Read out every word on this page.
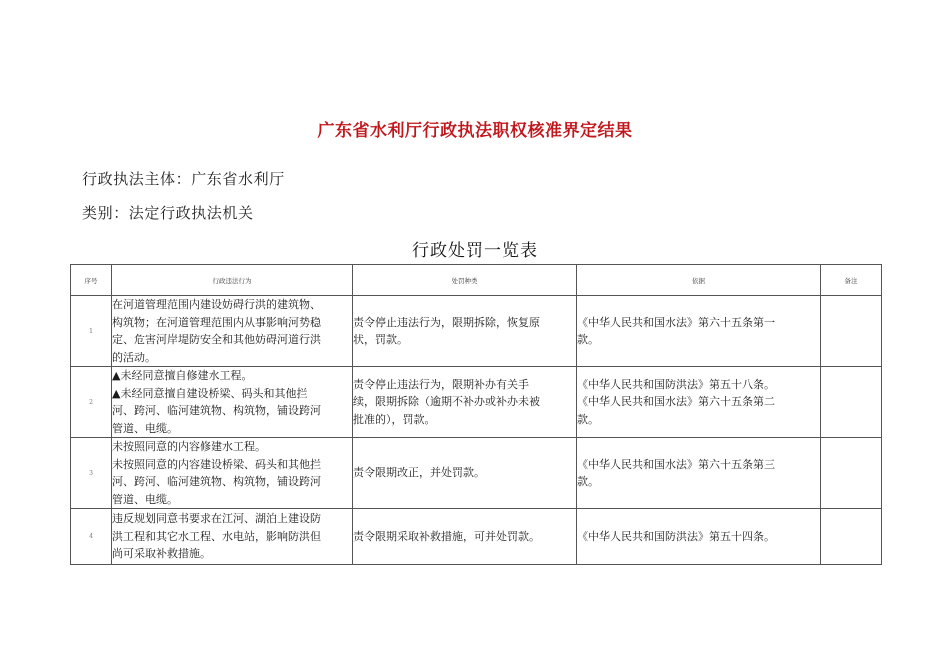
广东省水利厅行政执法职权核准界定结果
行政执法主体：广东省水利厅
类别：法定行政执法机关
行政处罚一览表
序号	行政违法行为	处罚种类	依据	备注
1	在河道管理范围内建设妨碍行洪的建筑物、
构筑物；在河道管理范围内从事影响河势稳
定、危害河岸堤防安全和其他妨碍河道行洪
的活动。	责令停止违法行为，限期拆除，恢复原
状，罚款。	《中华人民共和国水法》第六十五条第一
款。	

2	▲未经同意擅自修建水工程。
▲未经同意擅自建设桥梁、码头和其他拦
河、跨河、临河建筑物、构筑物，铺设跨河
管道、电缆。	责令停止违法行为，限期补办有关手
续，限期拆除（逾期不补办或补办未被
批准的），罚款。	《中华人民共和国防洪法》第五十八条。
《中华人民共和国水法》第六十五条第二
款。	

3	未按照同意的内容修建水工程。
未按照同意的内容建设桥梁、码头和其他拦
河、跨河、临河建筑物、构筑物，铺设跨河
管道、电缆。	责令限期改正，并处罚款。	《中华人民共和国水法》第六十五条第三
款。	

4	违反规划同意书要求在江河、湖泊上建设防
洪工程和其它水工程、水电站，影响防洪但
尚可采取补救措施。	责令限期采取补救措施，可并处罚款。	《中华人民共和国防洪法》第五十四条。	
